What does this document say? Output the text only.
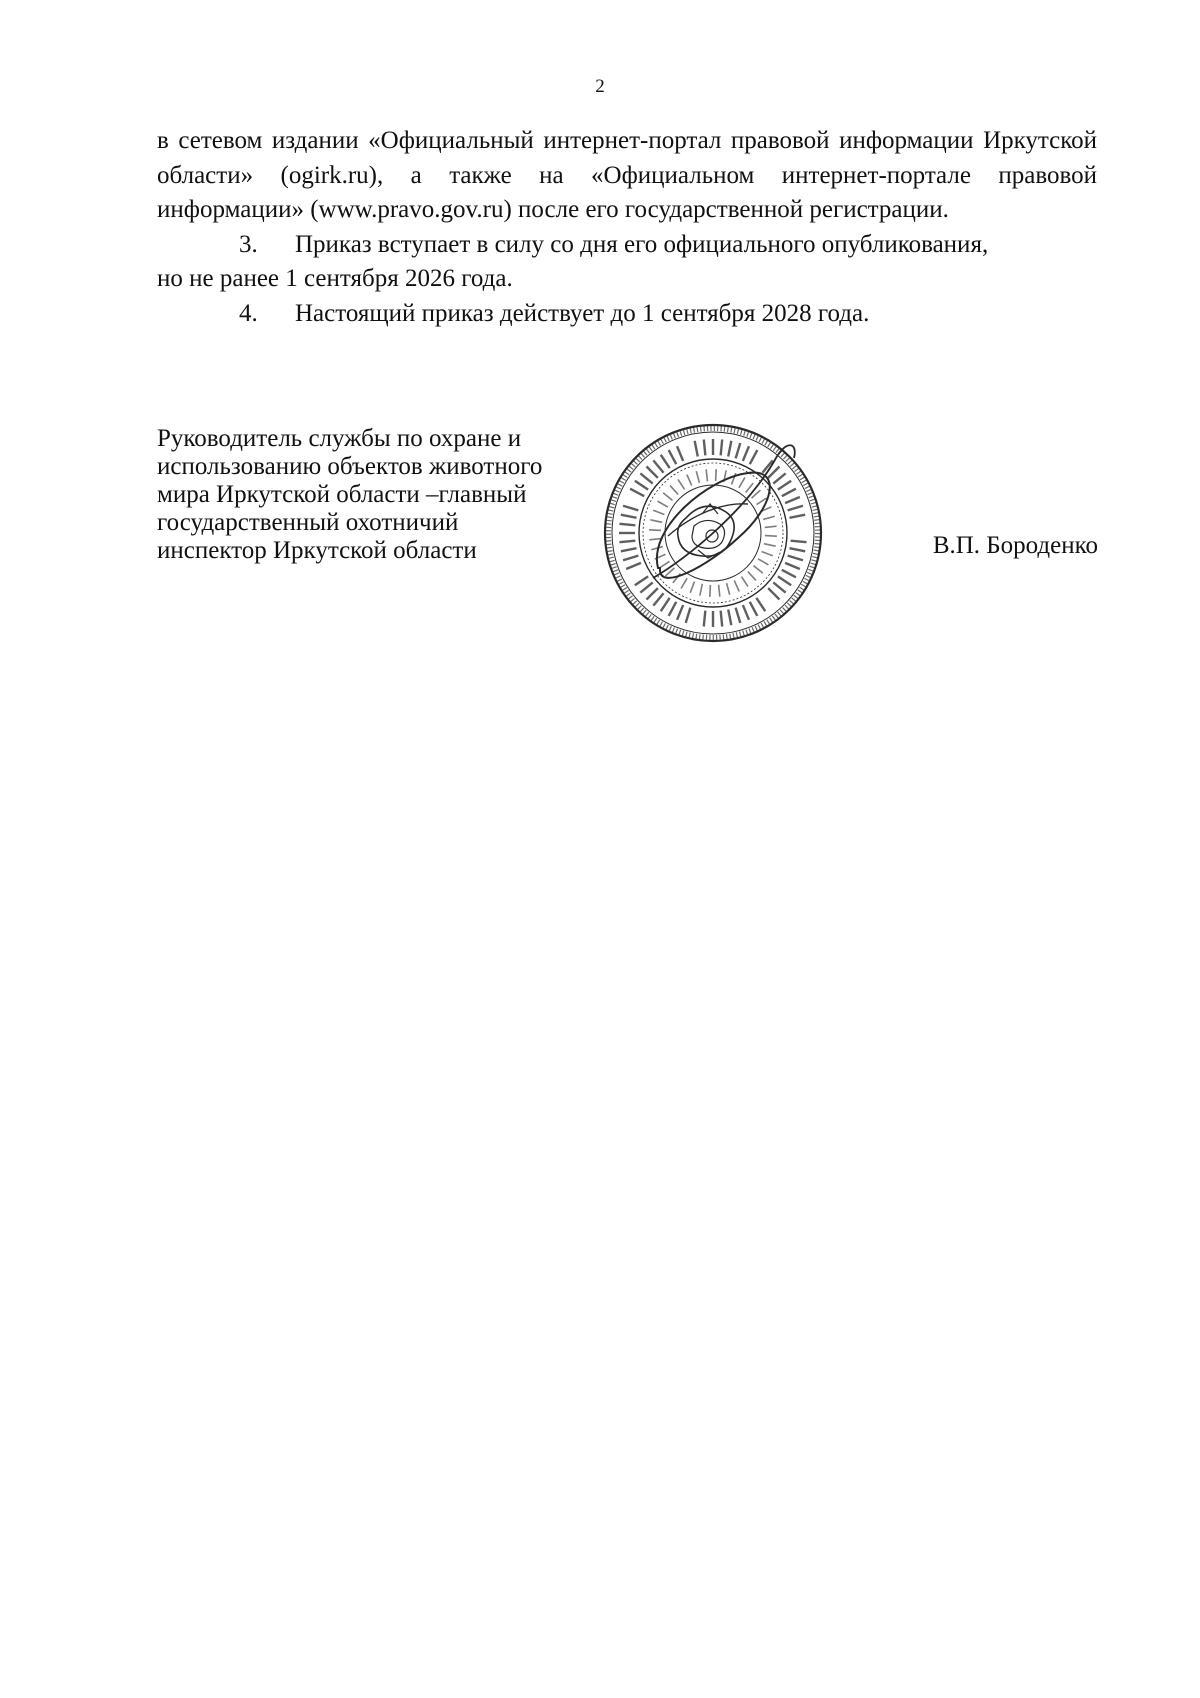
2

в сетевом издании «Официальный интернет-портал правовой информации Иркутской области» (ogirk.ru), а также на «Официальном интернет-портале правовой информации» (www.pravo.gov.ru) после его государственной регистрации.

3.	Приказ вступает в силу со дня его официального опубликования,
но не ранее 1 сентября 2026 года.
4.	Настоящий приказ действует до 1 сентября 2028 года.
Руководитель службы по охране и
использованию объектов животного
мира Иркутской области –главный
государственный охотничий
инспектор Иркутской области	В.П. Бороденко
